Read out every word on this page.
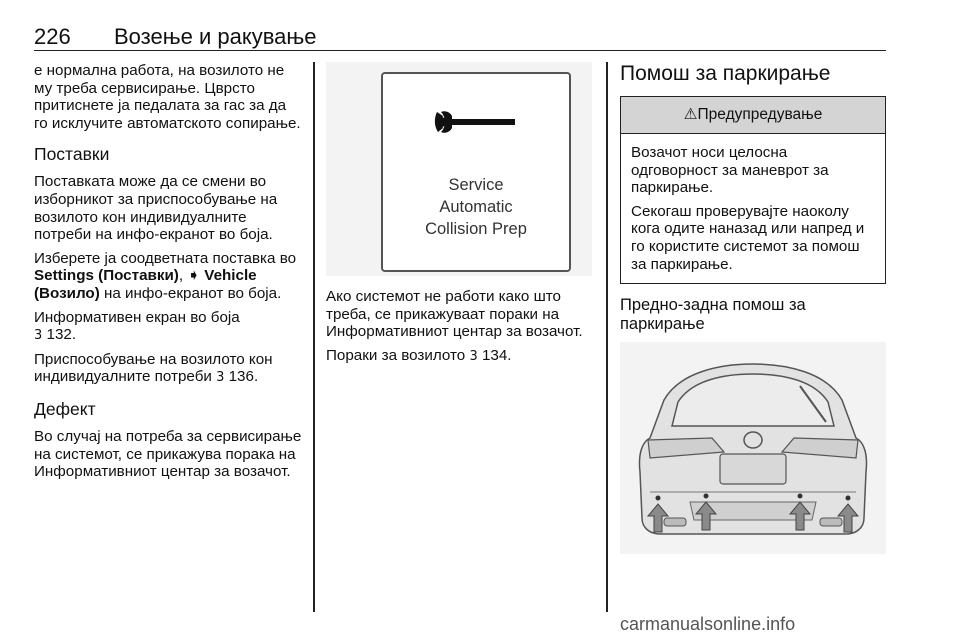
226 Возење и ракување

е нормална работа, на возилото не му треба сервисирање. Цврсто притиснете ја педалата за гас за да го исклучите автоматското сопирање.

Поставки

Поставката може да се смени во изборникот за приспособување на возилото кон индивидуалните потреби на инфо-екранот во боја.

Изберете ја соодветната поставка во Settings (Поставки), ➧ Vehicle (Возило) на инфо-екранот во боја.

Информативен екран во боја
3 132.

Приспособување на возилото кон индивидуалните потреби 3 136.

Дефект

Во случај на потреба за сервисирање на системот, се прикажува порака на Информативниот центар за возачот.

Service
Automatic
Collision Prep

Ако системот не работи како што треба, се прикажуваат пораки на Информативниот центар за возачот.

Пораки за возилото 3 134.

Помош за паркирање
⚠Предупредување

Возачот носи целосна одговорност за маневрот за паркирање.

Секогаш проверувајте наоколу кога одите наназад или напред и го користите системот за помош за паркирање.

Предно-задна помош за паркирање
carmanualsonline.info
